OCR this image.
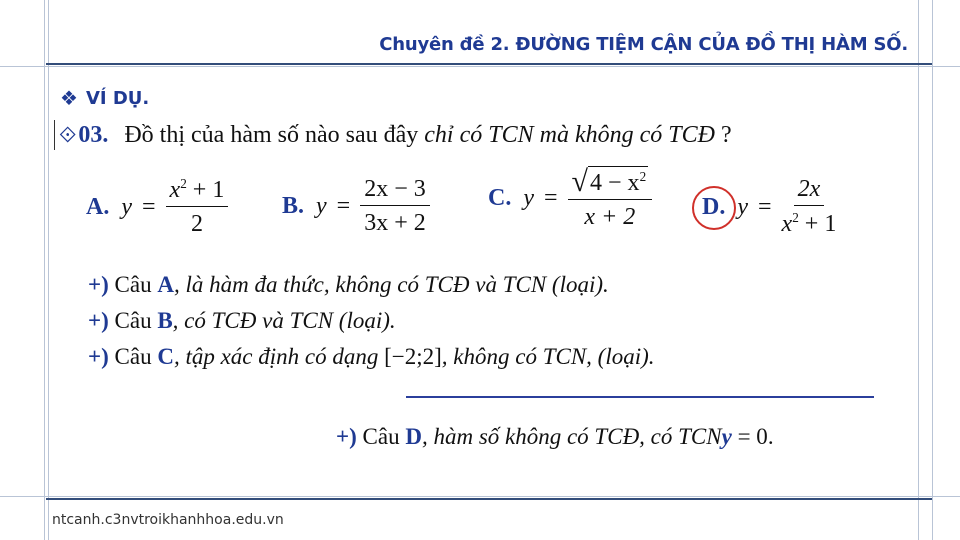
Chuyên đề 2. ĐƯỜNG TIỆM CẬN CỦA ĐỒ THỊ HÀM SỐ.
❖ VÍ DỤ.
⟐ 03. Đồ thị của hàm số nào sau đây
chỉ có TCN mà không có TCĐ
?
A. $y = \frac{x^2 + 1}{2} B$. $y = \frac{2x - 3}{3x + 2} C$. $y = \frac{√ 4 - x^2}{x + 2} D$. $y = \frac{2x}{x^2 + 1}$
+) Câu A, là hàm đa thức, không có TCĐ và TCN (loại).
+) Câu B, có TCĐ và TCN (loại).
+) Câu C, tập xác định có dạng [−2;2], không có TCN, (loại).
+) Câu D, hàm số không có TCĐ, có TCNy = 0.
ntcanh.c3nvtroikhanhhoa.edu.vn
